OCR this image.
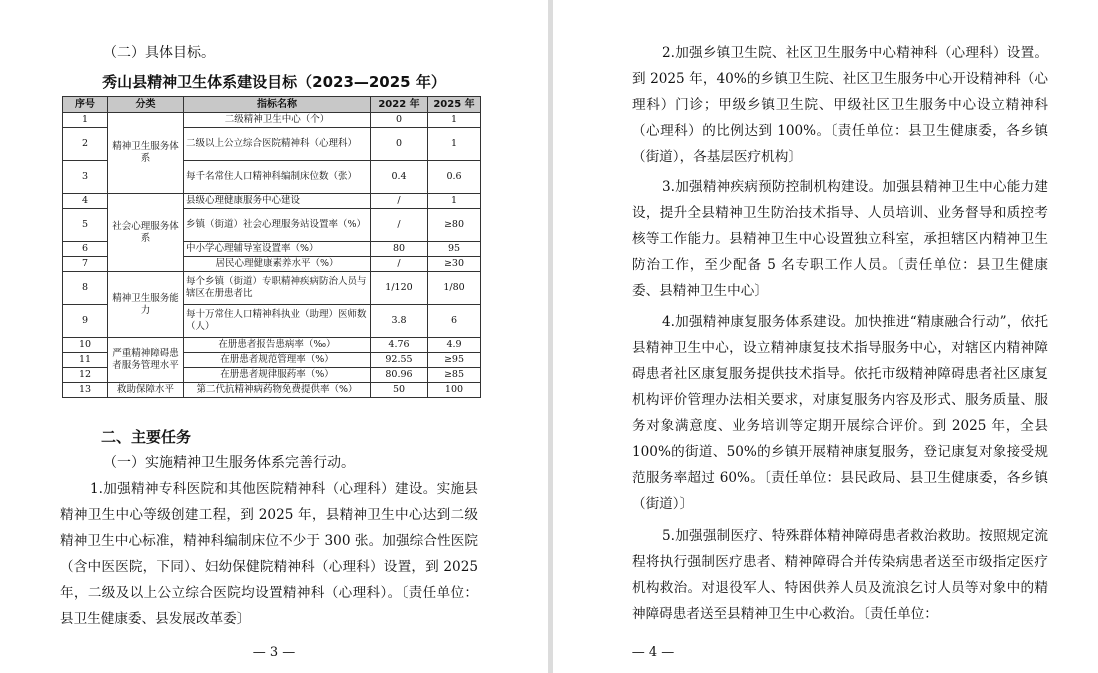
（二）具体目标。
秀山县精神卫生体系建设目标（2023—2025 年）
序号	分类	指标名称	2022 年	2025 年
1	精神卫生服务体系	二级精神卫生中心（个）	0	1
2		二级以上公立综合医院精神科（心理科）	0	1
3		每千名常住人口精神科编制床位数（张）	0.4	0.6
4	社会心理服务体系	县级心理健康服务中心建设	/	1
5		乡镇（街道）社会心理服务站设置率（%）	/	≥80
6		中小学心理辅导室设置率（%）	80	95
7		居民心理健康素养水平（%）	/	≥30
8	精神卫生服务能力	每个乡镇（街道）专职精神疾病防治人员与辖区在册患者比	1/120	1/80
9		每十万常住人口精神科执业（助理）医师数（人）	3.8	6
10	严重精神障碍患者服务管理水平	在册患者报告患病率（‰）	4.76	4.9
11		在册患者规范管理率（%）	92.55	≥95
12		在册患者规律服药率（%）	80.96	≥85
13	救助保障水平	第二代抗精神病药物免费提供率（%）	50	100
二、主要任务
（一）实施精神卫生服务体系完善行动。
1.加强精神专科医院和其他医院精神科（心理科）建设。实施县精神卫生中心等级创建工程，到 2025 年，县精神卫生中心达到二级精神卫生中心标准，精神科编制床位不少于 300 张。加强综合性医院（含中医医院，下同）、妇幼保健院精神科（心理科）设置，到 2025 年，二级及以上公立综合医院均设置精神科（心理科）。〔责任单位：县卫生健康委、县发展改革委〕
— 3 —
2.加强乡镇卫生院、社区卫生服务中心精神科（心理科）设置。到 2025 年，40%的乡镇卫生院、社区卫生服务中心开设精神科（心理科）门诊；甲级乡镇卫生院、甲级社区卫生服务中心设立精神科（心理科）的比例达到 100%。〔责任单位：县卫生健康委，各乡镇（街道），各基层医疗机构〕
3.加强精神疾病预防控制机构建设。加强县精神卫生中心能力建设，提升全县精神卫生防治技术指导、人员培训、业务督导和质控考核等工作能力。县精神卫生中心设置独立科室，承担辖区内精神卫生防治工作，至少配备 5 名专职工作人员。〔责任单位：县卫生健康委、县精神卫生中心〕
4.加强精神康复服务体系建设。加快推进“精康融合行动”，依托县精神卫生中心，设立精神康复技术指导服务中心，对辖区内精神障碍患者社区康复服务提供技术指导。依托市级精神障碍患者社区康复机构评价管理办法相关要求，对康复服务内容及形式、服务质量、服务对象满意度、业务培训等定期开展综合评价。到 2025 年，全县 100%的街道、50%的乡镇开展精神康复服务，登记康复对象接受规范服务率超过 60%。〔责任单位：县民政局、县卫生健康委，各乡镇（街道）〕
5.加强强制医疗、特殊群体精神障碍患者救治救助。按照规定流程将执行强制医疗患者、精神障碍合并传染病患者送至市级指定医疗机构救治。对退役军人、特困供养人员及流浪乞讨人员等对象中的精神障碍患者送至县精神卫生中心救治。〔责任单位：
— 4 —
